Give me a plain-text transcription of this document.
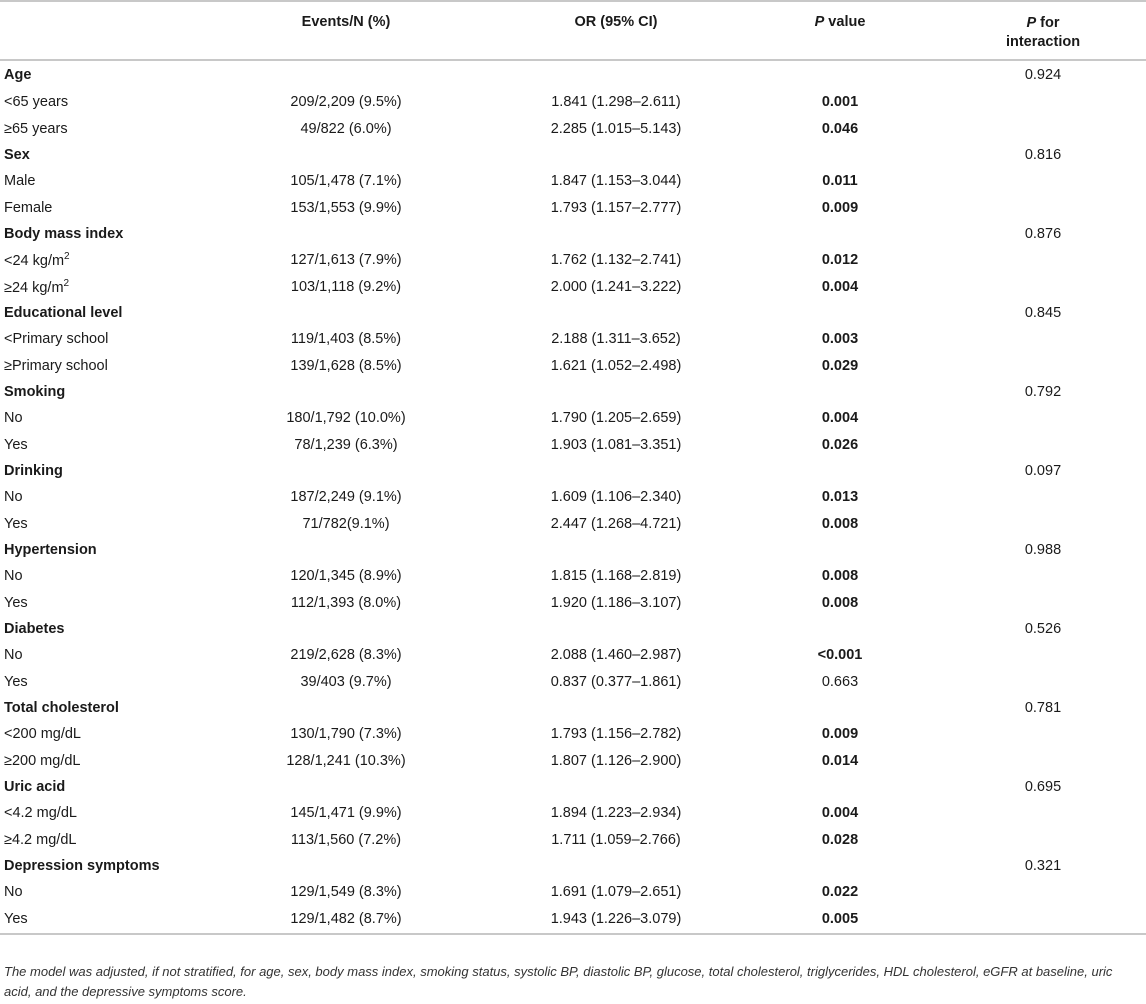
	Events/N (%)	OR (95% CI)	P value	P for
interaction
Age				0.924
<65 years	209/2,209 (9.5%)	1.841 (1.298–2.611)	0.001	
≥65 years	49/822 (6.0%)	2.285 (1.015–5.143)	0.046	
Sex				0.816
Male	105/1,478 (7.1%)	1.847 (1.153–3.044)	0.011	
Female	153/1,553 (9.9%)	1.793 (1.157–2.777)	0.009	
Body mass index				0.876
<24 $kg/m^2$	127/1,613 (7.9%)	1.762 (1.132–2.741)	0.012	
≥24 $kg/m^2$	103/1,118 (9.2%)	2.000 (1.241–3.222)	0.004	
Educational level				0.845
<Primary school	119/1,403 (8.5%)	2.188 (1.311–3.652)	0.003	
≥Primary school	139/1,628 (8.5%)	1.621 (1.052–2.498)	0.029	
Smoking				0.792
No	180/1,792 (10.0%)	1.790 (1.205–2.659)	0.004	
Yes	78/1,239 (6.3%)	1.903 (1.081–3.351)	0.026	
Drinking				0.097
No	187/2,249 (9.1%)	1.609 (1.106–2.340)	0.013	
Yes	71/782(9.1%)	2.447 (1.268–4.721)	0.008	
Hypertension				0.988
No	120/1,345 (8.9%)	1.815 (1.168–2.819)	0.008	
Yes	112/1,393 (8.0%)	1.920 (1.186–3.107)	0.008	
Diabetes				0.526
No	219/2,628 (8.3%)	2.088 (1.460–2.987)	<0.001	
Yes	39/403 (9.7%)	0.837 (0.377–1.861)	0.663	
Total cholesterol				0.781
<200 mg/dL	130/1,790 (7.3%)	1.793 (1.156–2.782)	0.009	
≥200 mg/dL	128/1,241 (10.3%)	1.807 (1.126–2.900)	0.014	
Uric acid				0.695
<4.2 mg/dL	145/1,471 (9.9%)	1.894 (1.223–2.934)	0.004	
≥4.2 mg/dL	113/1,560 (7.2%)	1.711 (1.059–2.766)	0.028	
Depression symptoms				0.321
No	129/1,549 (8.3%)	1.691 (1.079–2.651)	0.022	
Yes	129/1,482 (8.7%)	1.943 (1.226–3.079)	0.005	
The model was adjusted, if not stratified, for age, sex, body mass index, smoking status, systolic BP, diastolic BP, glucose, total cholesterol, triglycerides, HDL cholesterol, eGFR at baseline, uric acid, and the depressive symptoms score.
